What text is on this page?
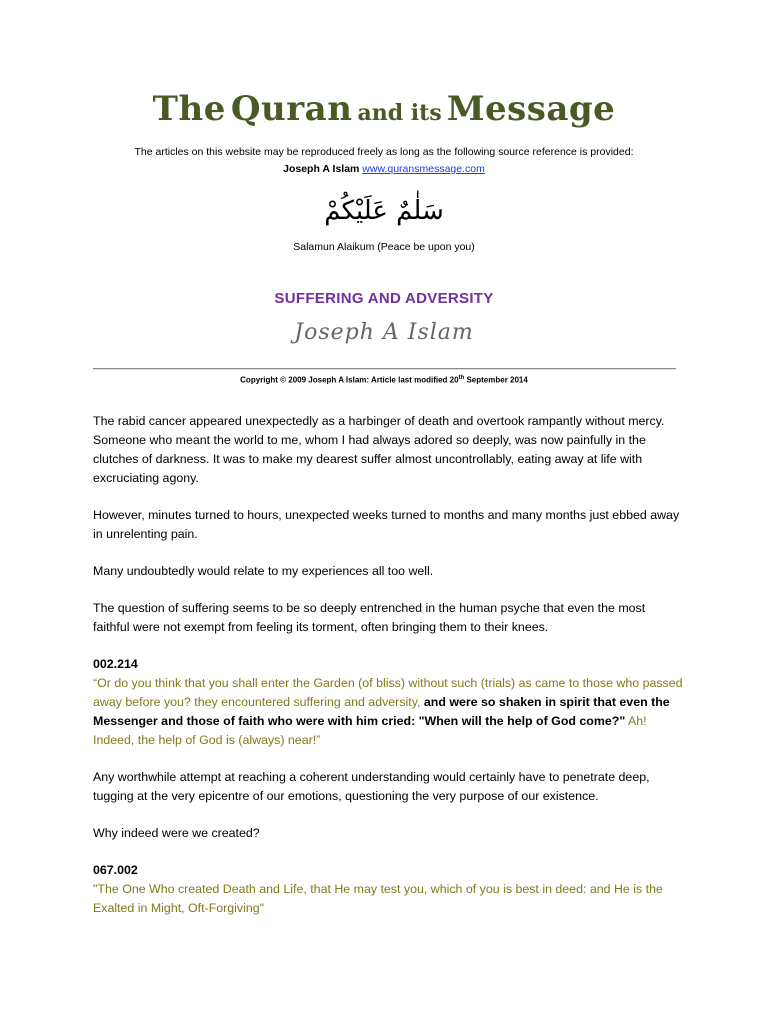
The Quran and its Message
The articles on this website may be reproduced freely as long as the following source reference is provided:
Joseph A Islam www.quransmessage.com
سَلٰمٌ عَلَيْكُمْ
Salamun Alaikum (Peace be upon you)
SUFFERING AND ADVERSITY
Joseph A Islam
Copyright © 2009 Joseph A Islam: Article last modified 20th September 2014

The rabid cancer appeared unexpectedly as a harbinger of death and overtook rampantly without mercy. Someone who meant the world to me, whom I had always adored so deeply, was now painfully in the clutches of darkness. It was to make my dearest suffer almost uncontrollably, eating away at life with excruciating agony.

However, minutes turned to hours, unexpected weeks turned to months and many months just ebbed away in unrelenting pain.

Many undoubtedly would relate to my experiences all too well.

The question of suffering seems to be so deeply entrenched in the human psyche that even the most faithful were not exempt from feeling its torment, often bringing them to their knees.

002.214

“Or do you think that you shall enter the Garden (of bliss) without such (trials) as came to those who passed away before you? they encountered suffering and adversity, and were so shaken in spirit that even the Messenger and those of faith who were with him cried: "When will the help of God come?" Ah! Indeed, the help of God is (always) near!”

Any worthwhile attempt at reaching a coherent understanding would certainly have to penetrate deep, tugging at the very epicentre of our emotions, questioning the very purpose of our existence.

Why indeed were we created?

067.002

"The One Who created Death and Life, that He may test you, which of you is best in deed: and He is the Exalted in Might, Oft-Forgiving"
